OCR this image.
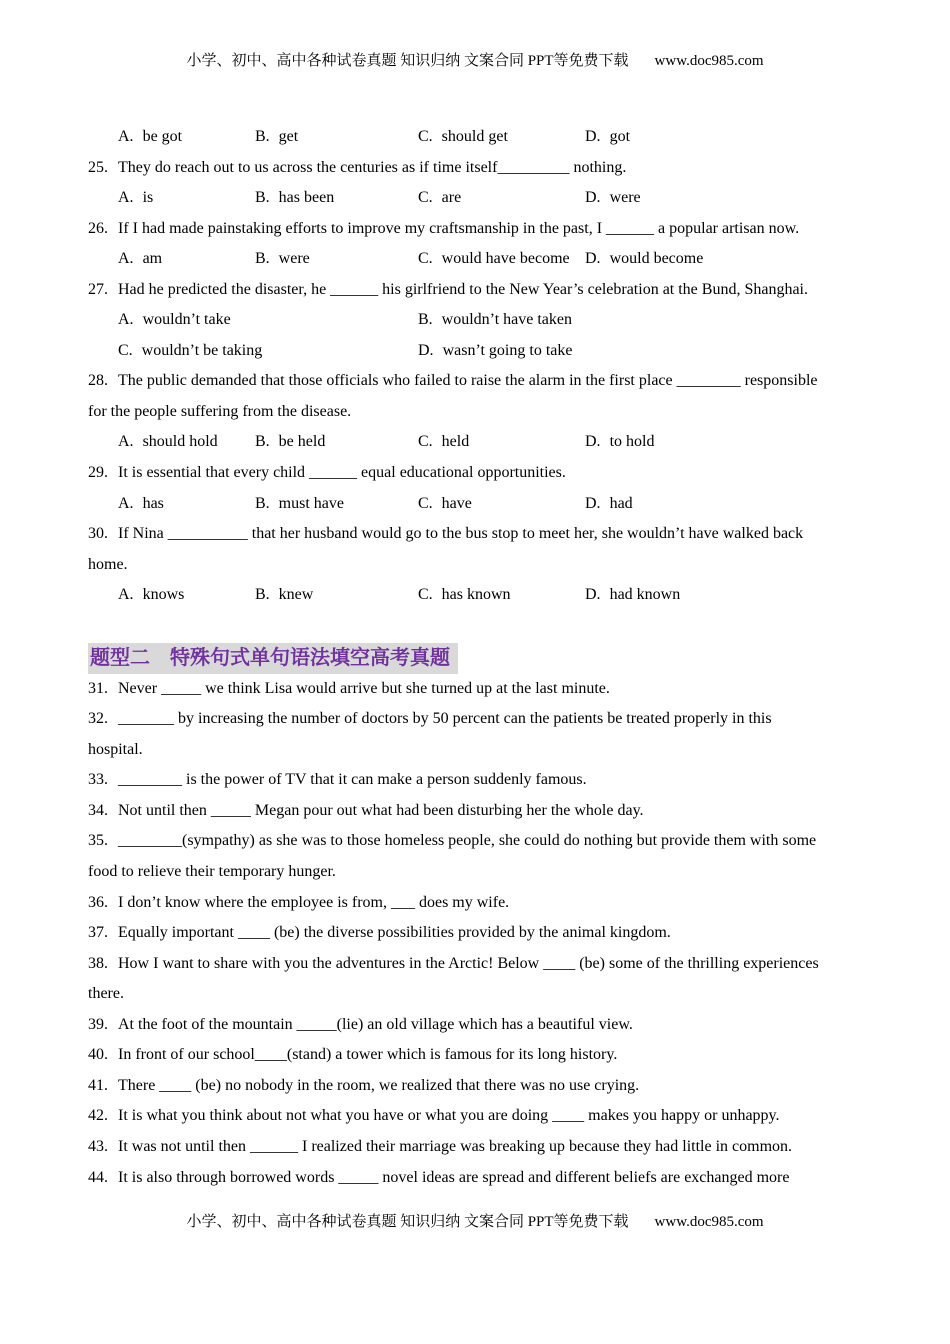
小学、初中、高中各种试卷真题 知识归纳 文案合同 PPT等免费下载 www.doc985.com
A. be got	B. get	C. should get	D. got
25. They do reach out to us across the centuries as if time itself_________ nothing.
A. is	B. has been	C. are	D. were
26. If I had made painstaking efforts to improve my craftsmanship in the past, I ______ a popular artisan now.
A. am	B. were	C. would have become D. would become
27. Had he predicted the disaster, he ______ his girlfriend to the New Year’s celebration at the Bund, Shanghai.
A. wouldn’t take	B. wouldn’t have taken
C. wouldn’t be taking	D. wasn’t going to take
28. The public demanded that those officials who failed to raise the alarm in the first place ________ responsible
for the people suffering from the disease.
A. should hold B. be held	C. held	D. to hold
29. It is essential that every child ______ equal educational opportunities.
A. has	B. must have	C. have	D. had
30. If Nina __________ that her husband would go to the bus stop to meet her, she wouldn’t have walked back
home.
A. knows	B. knew	C. has known	D. had known
题型二　特殊句式单句语法填空高考真题
31. Never _____ we think Lisa would arrive but she turned up at the last minute.
32. _______ by increasing the number of doctors by 50 percent can the patients be treated properly in this
hospital.
33. ________ is the power of TV that it can make a person suddenly famous.
34. Not until then _____ Megan pour out what had been disturbing her the whole day.
35. ________(sympathy) as she was to those homeless people, she could do nothing but provide them with some
food to relieve their temporary hunger.
36. I don’t know where the employee is from, ___ does my wife.
37. Equally important ____ (be) the diverse possibilities provided by the animal kingdom.
38. How I want to share with you the adventures in the Arctic! Below ____ (be) some of the thrilling experiences
there.
39. At the foot of the mountain _____(lie) an old village which has a beautiful view.
40. In front of our school____(stand) a tower which is famous for its long history.
41. There ____ (be) no nobody in the room, we realized that there was no use crying.
42. It is what you think about not what you have or what you are doing ____ makes you happy or unhappy.
43. It was not until then ______ I realized their marriage was breaking up because they had little in common.
44. It is also through borrowed words _____ novel ideas are spread and different beliefs are exchanged more
小学、初中、高中各种试卷真题 知识归纳 文案合同 PPT等免费下载 www.doc985.com
